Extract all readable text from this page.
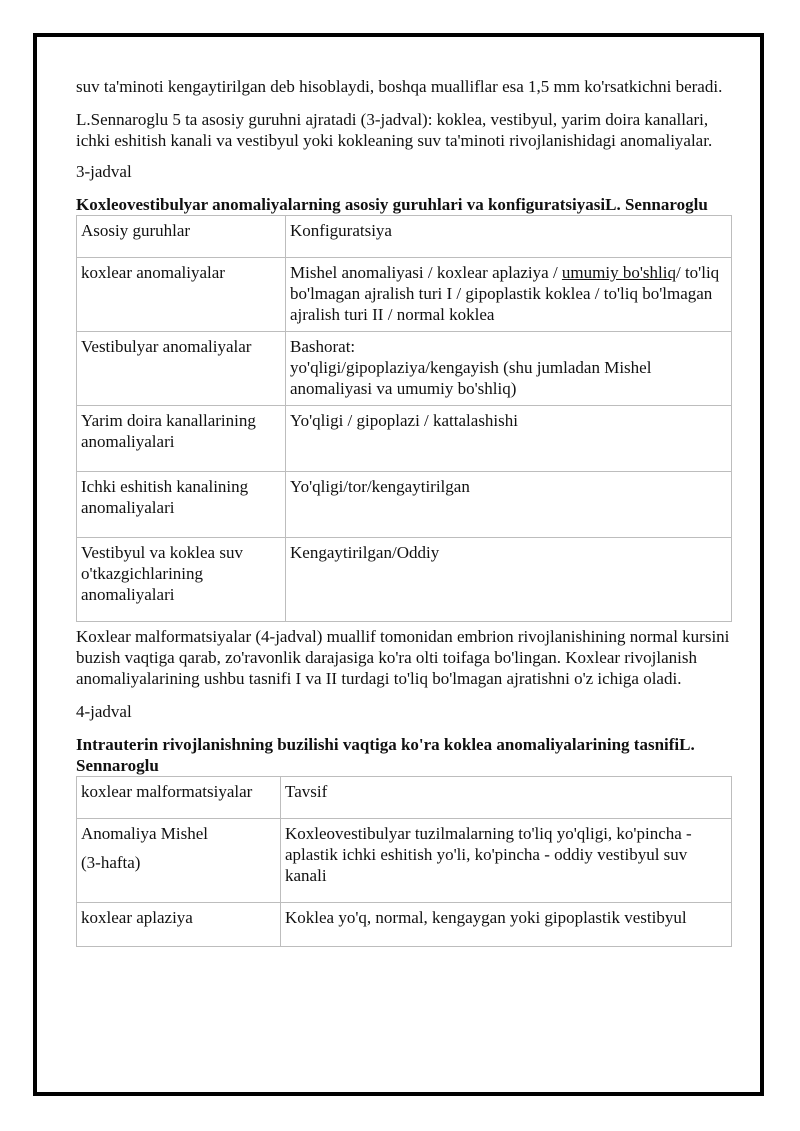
suv ta'minoti kengaytirilgan deb hisoblaydi, boshqa mualliflar esa 1,5 mm ko'rsatkichni beradi.

L.Sennaroglu 5 ta asosiy guruhni ajratadi (3-jadval): koklea, vestibyul, yarim doira kanallari, ichki eshitish kanali va vestibyul yoki kokleaning suv ta'minoti rivojlanishidagi anomaliyalar.

3-jadval

Koxleovestibulyar anomaliyalarning asosiy guruhlari va konfiguratsiyasiL. Sennaroglu

Asosiy guruhlar	Konfiguratsiya
koxlear anomaliyalar	Mishel anomaliyasi / koxlear aplaziya / umumiy bo'shliq/ to'liq bo'lmagan ajralish turi I / gipoplastik koklea / to'liq bo'lmagan ajralish turi II / normal koklea
Vestibulyar anomaliyalar	Bashorat:
yo'qligi/gipoplaziya/kengayish (shu jumladan Mishel anomaliyasi va umumiy bo'shliq)

Yarim doira kanallarining anomaliyalari	Yo'qligi / gipoplazi / kattalashishi
Ichki eshitish kanalining anomaliyalari	Yo'qligi/tor/kengaytirilgan
Vestibyul va koklea suv o'tkazgichlarining anomaliyalari	Kengaytirilgan/Oddiy

Koxlear malformatsiyalar (4-jadval) muallif tomonidan embrion rivojlanishining normal kursini buzish vaqtiga qarab, zo'ravonlik darajasiga ko'ra olti toifaga bo'lingan. Koxlear rivojlanish anomaliyalarining ushbu tasnifi I va II turdagi to'liq bo'lmagan ajratishni o'z ichiga oladi.

4-jadval

Intrauterin rivojlanishning buzilishi vaqtiga ko'ra koklea anomaliyalarining tasnifiL. Sennaroglu

koxlear malformatsiyalar	Tavsif

Anomaliya Mishel
(3-hafta)	Koxleovestibulyar tuzilmalarning to'liq yo'qligi, ko'pincha - aplastik ichki eshitish yo'li, ko'pincha - oddiy vestibyul suv kanali
koxlear aplaziya	Koklea yo'q, normal, kengaygan yoki gipoplastik vestibyul
